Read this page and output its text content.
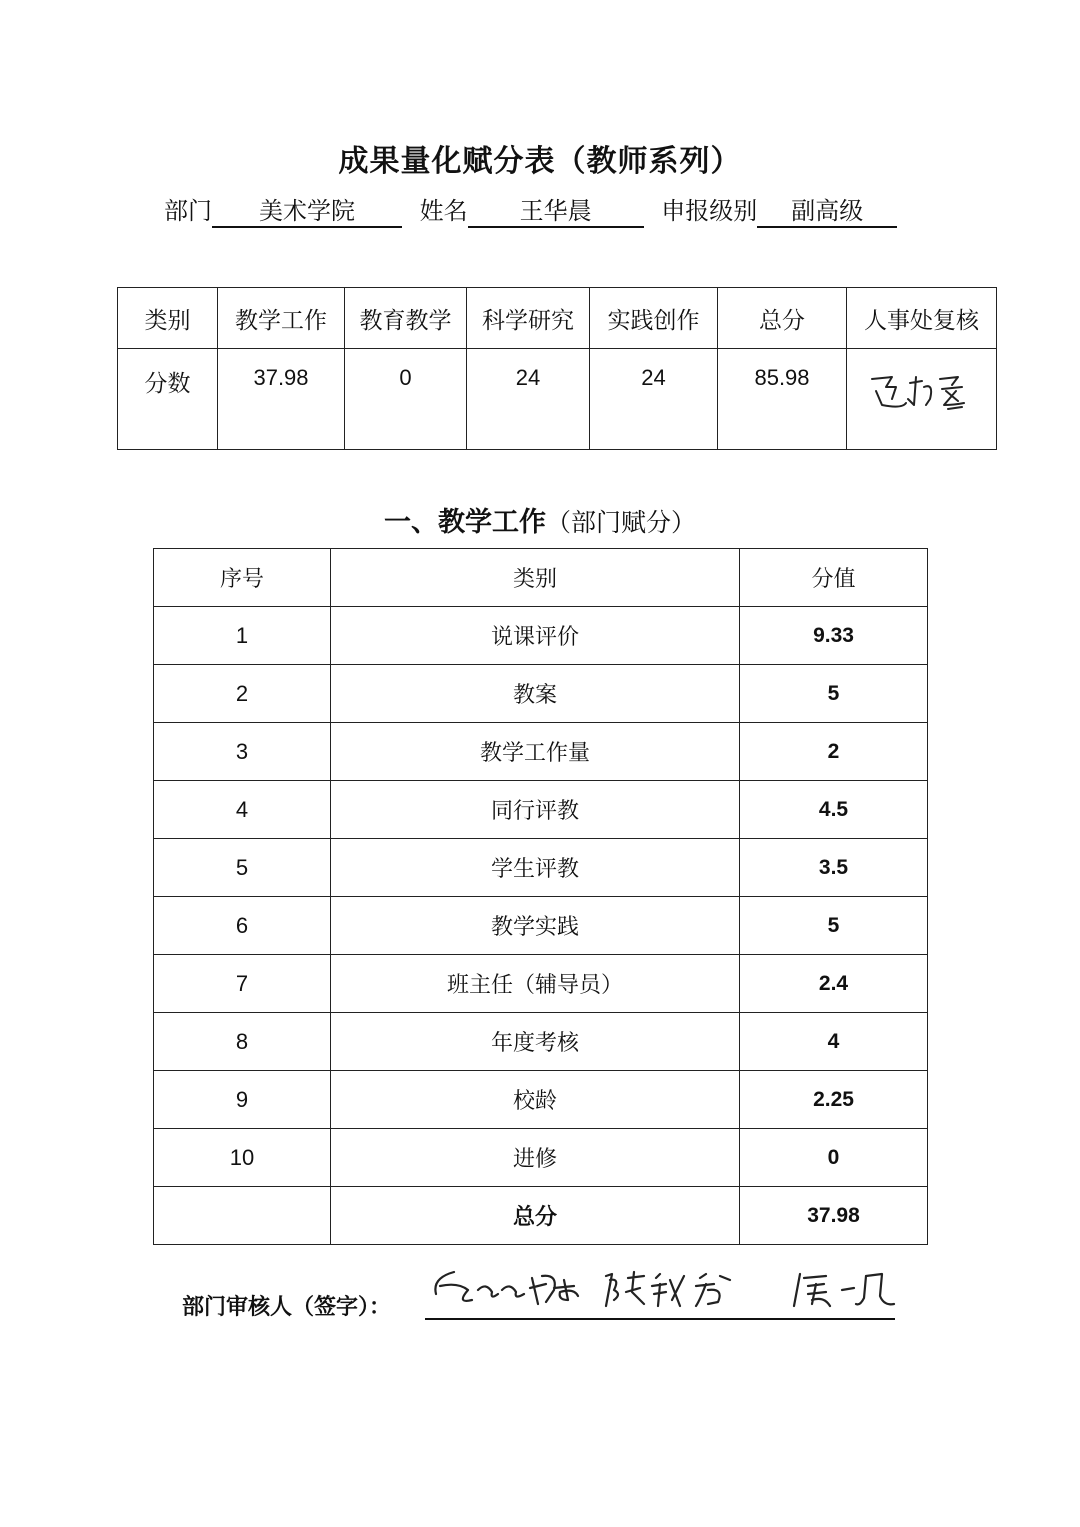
成果量化赋分表（教师系列）
部门 美术学院	姓名 王华晨	申报级别 副高级
类别	教学工作	教育教学	科学研究	实践创作	总分	人事处复核
分数	37.98	0	24	24	85.98	
一、教学工作（部门赋分）
序号	类别	分值
1	说课评价	9.33
2	教案	5
3	教学工作量	2
4	同行评教	4.5
5	学生评教	3.5
6	教学实践	5
7	班主任（辅导员）	2.4
8	年度考核	4
9	校龄	2.25
10	进修	0
	总分	37.98
部门审核人（签字）：
